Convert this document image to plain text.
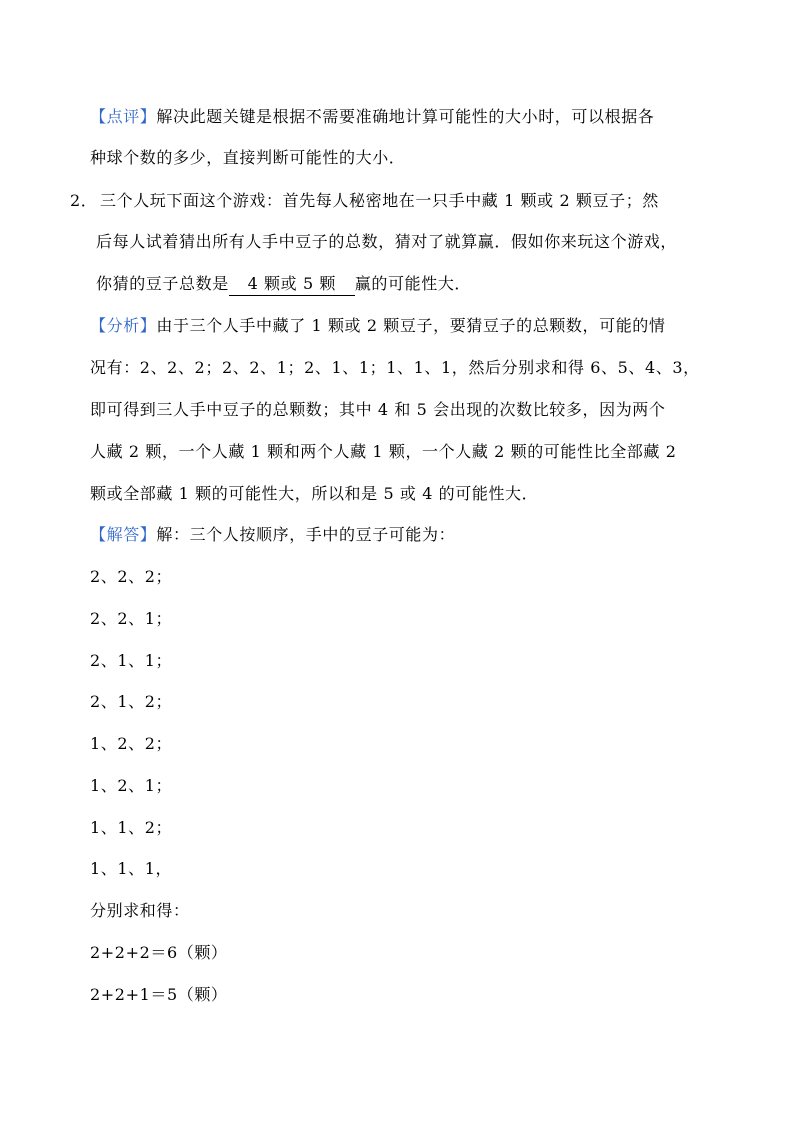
【点评】解决此题关键是根据不需要准确地计算可能性的大小时，可以根据各
种球个数的多少，直接判断可能性的大小．
2． 三个人玩下面这个游戏：首先每人秘密地在一只手中藏 1 颗或 2 颗豆子；然
后每人试着猜出所有人手中豆子的总数，猜对了就算赢．假如你来玩这个游戏，
你猜的豆子总数是 4 颗或 5 颗 赢的可能性大．
【分析】由于三个人手中藏了 1 颗或 2 颗豆子，要猜豆子的总颗数，可能的情
况有：2、2、2；2、2、1；2、1、1；1、1、1，然后分别求和得 6、5、4、3，
即可得到三人手中豆子的总颗数；其中 4 和 5 会出现的次数比较多，因为两个
人藏 2 颗，一个人藏 1 颗和两个人藏 1 颗，一个人藏 2 颗的可能性比全部藏 2
颗或全部藏 1 颗的可能性大，所以和是 5 或 4 的可能性大．
【解答】解：三个人按顺序，手中的豆子可能为：
2、2、2；
2、2、1；
2、1、1；
2、1、2；
1、2、2；
1、2、1；
1、1、2；
1、1、1，
分别求和得：
2+2+2＝6（颗）
2+2+1＝5（颗）
